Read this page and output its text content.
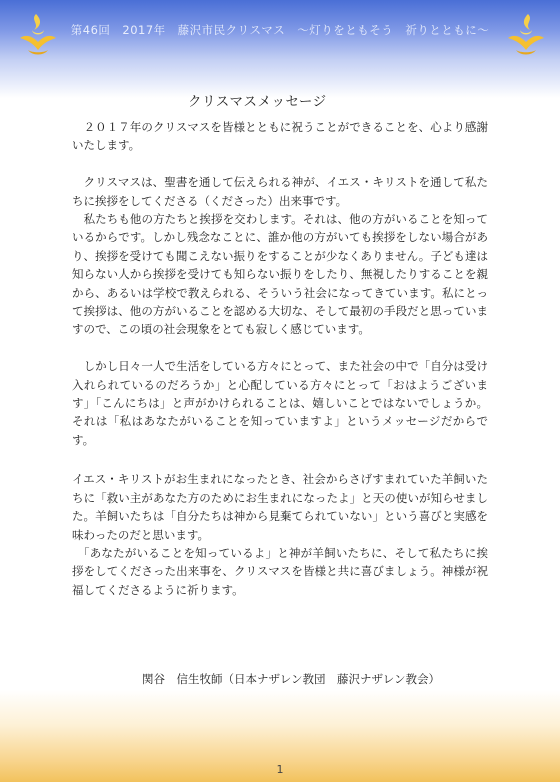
第46回　2017年　藤沢市民クリスマス　～灯りをともそう　祈りとともに～
クリスマスメッセージ

　２０１７年のクリスマスを皆様とともに祝うことができることを、心より感謝いたします。

　クリスマスは、聖書を通して伝えられる神が、イエス・キリストを通して私たちに挨拶をしてくださる（くださった）出来事です。

　私たちも他の方たちと挨拶を交わします。それは、他の方がいることを知っているからです。しかし残念なことに、誰か他の方がいても挨拶をしない場合があり、挨拶を受けても聞こえない振りをすることが少なくありません。子ども達は知らない人から挨拶を受けても知らない振りをしたり、無視したりすることを親から、あるいは学校で教えられる、そういう社会になってきています。私にとって挨拶は、他の方がいることを認める大切な、そして最初の手段だと思っていますので、この頃の社会現象をとても寂しく感じています。

　しかし日々一人で生活をしている方々にとって、また社会の中で「自分は受け入れられているのだろうか」と心配している方々にとって「おはようございます」「こんにちは」と声がかけられることは、嬉しいことではないでしょうか。それは「私はあなたがいることを知っていますよ」というメッセージだからです。

イエス・キリストがお生まれになったとき、社会からさげすまれていた羊飼いたちに「救い主があなた方のためにお生まれになったよ」と天の使いが知らせました。羊飼いたちは「自分たちは神から見棄てられていない」という喜びと実感を味わったのだと思います。

　「あなたがいることを知っているよ」と神が羊飼いたちに、そして私たちに挨拶をしてくださった出来事を、クリスマスを皆様と共に喜びましょう。神様が祝福してくださるように祈ります。

関谷　信生牧師（日本ナザレン教団　藤沢ナザレン教会）
1
